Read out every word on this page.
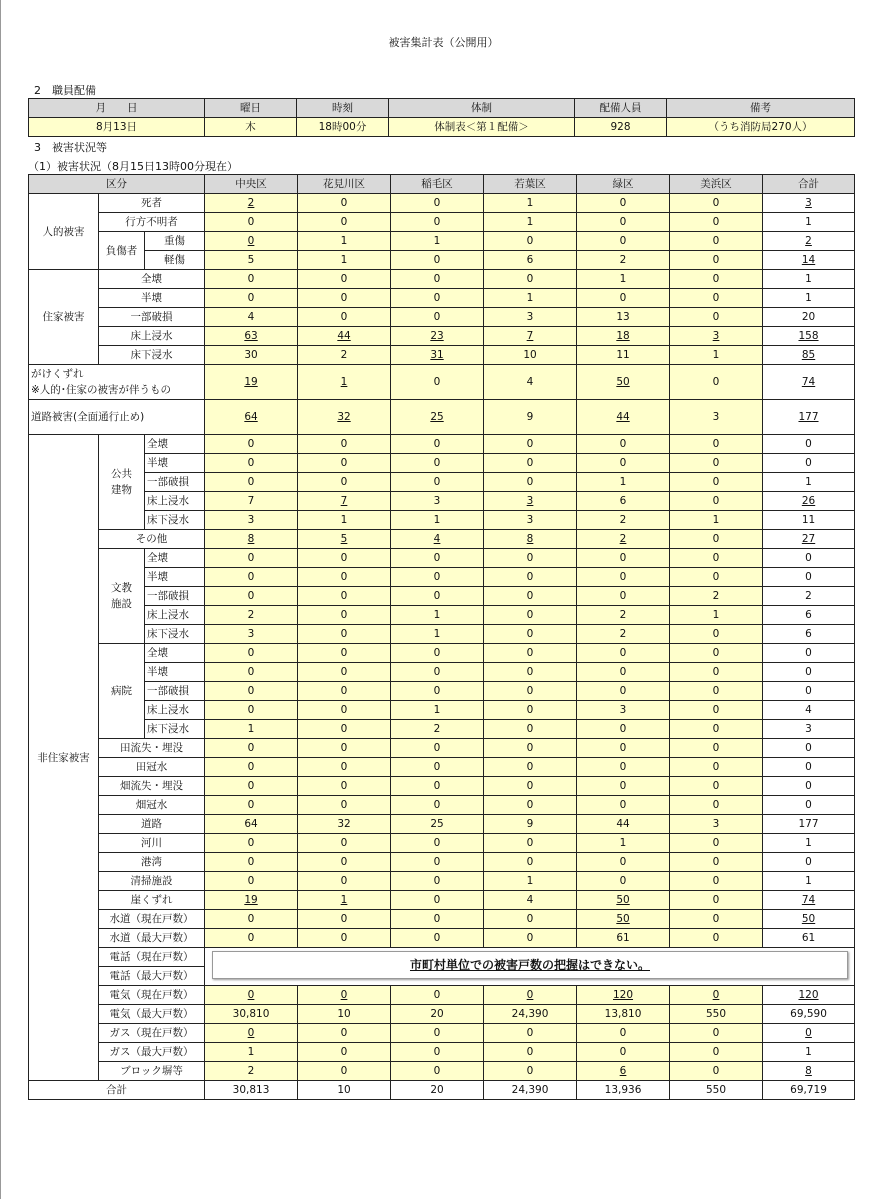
被害集計表（公開用）
2　職員配備
月　　日	曜日	時刻	体制	配備人員	備考
8月13日	木	18時00分	体制表＜第１配備＞	928	（うち消防局270人）
3　被害状況等
（1）被害状況（8月15日13時00分現在）
区分			中央区	花見川区	稲毛区	若葉区	緑区	美浜区	合計
人的被害	死者		2	0	0	1	0	0	3
	行方不明者		0	0	0	1	0	0	1
	負傷者	重傷	0	1	1	0	0	0	2
		軽傷	5	1	0	6	2	0	14
住家被害	全壊		0	0	0	0	1	0	1
	半壊		0	0	0	1	0	0	1
	一部破損		4	0	0	3	13	0	20
	床上浸水		63	44	23	7	18	3	158
	床下浸水		30	2	31	10	11	1	85

がけくずれ
※人的･住家の被害が伴うもの			19	1	0	4	50	0	74
道路被害(全面通行止め)			64	32	25	9	44	3	177
非住家被害	公共建物	全壊	0	0	0	0	0	0	0
		半壊	0	0	0	0	0	0	0
		一部破損	0	0	0	0	1	0	1
		床上浸水	7	7	3	3	6	0	26
		床下浸水	3	1	1	3	2	1	11
	その他		8	5	4	8	2	0	27
	文教施設	全壊	0	0	0	0	0	0	0
		半壊	0	0	0	0	0	0	0
		一部破損	0	0	0	0	0	2	2
		床上浸水	2	0	1	0	2	1	6
		床下浸水	3	0	1	0	2	0	6
	病院	全壊	0	0	0	0	0	0	0
		半壊	0	0	0	0	0	0	0
		一部破損	0	0	0	0	0	0	0
		床上浸水	0	0	1	0	3	0	4
		床下浸水	1	0	2	0	0	0	3
	田流失・埋没		0	0	0	0	0	0	0
	田冠水		0	0	0	0	0	0	0
	畑流失・埋没		0	0	0	0	0	0	0
	畑冠水		0	0	0	0	0	0	0
	道路		64	32	25	9	44	3	177
	河川		0	0	0	0	1	0	1
	港湾		0	0	0	0	0	0	0
	清掃施設		0	0	0	1	0	0	1
	崖くずれ		19	1	0	4	50	0	74
	水道（現在戸数）		0	0	0	0	50	0	50
	水道（最大戸数）		0	0	0	0	61	0	61
	電話（現在戸数）								
	電話（最大戸数）								
	電気（現在戸数）		0	0	0	0	120	0	120
	電気（最大戸数）		30,810	10	20	24,390	13,810	550	69,590
	ガス（現在戸数）		0	0	0	0	0	0	0
	ガス（最大戸数）		1	0	0	0	0	0	1
	ブロック塀等		2	0	0	0	6	0	8
合計			30,813	10	20	24,390	13,936	550	69,719
市町村単位での被害戸数の把握はできない。
